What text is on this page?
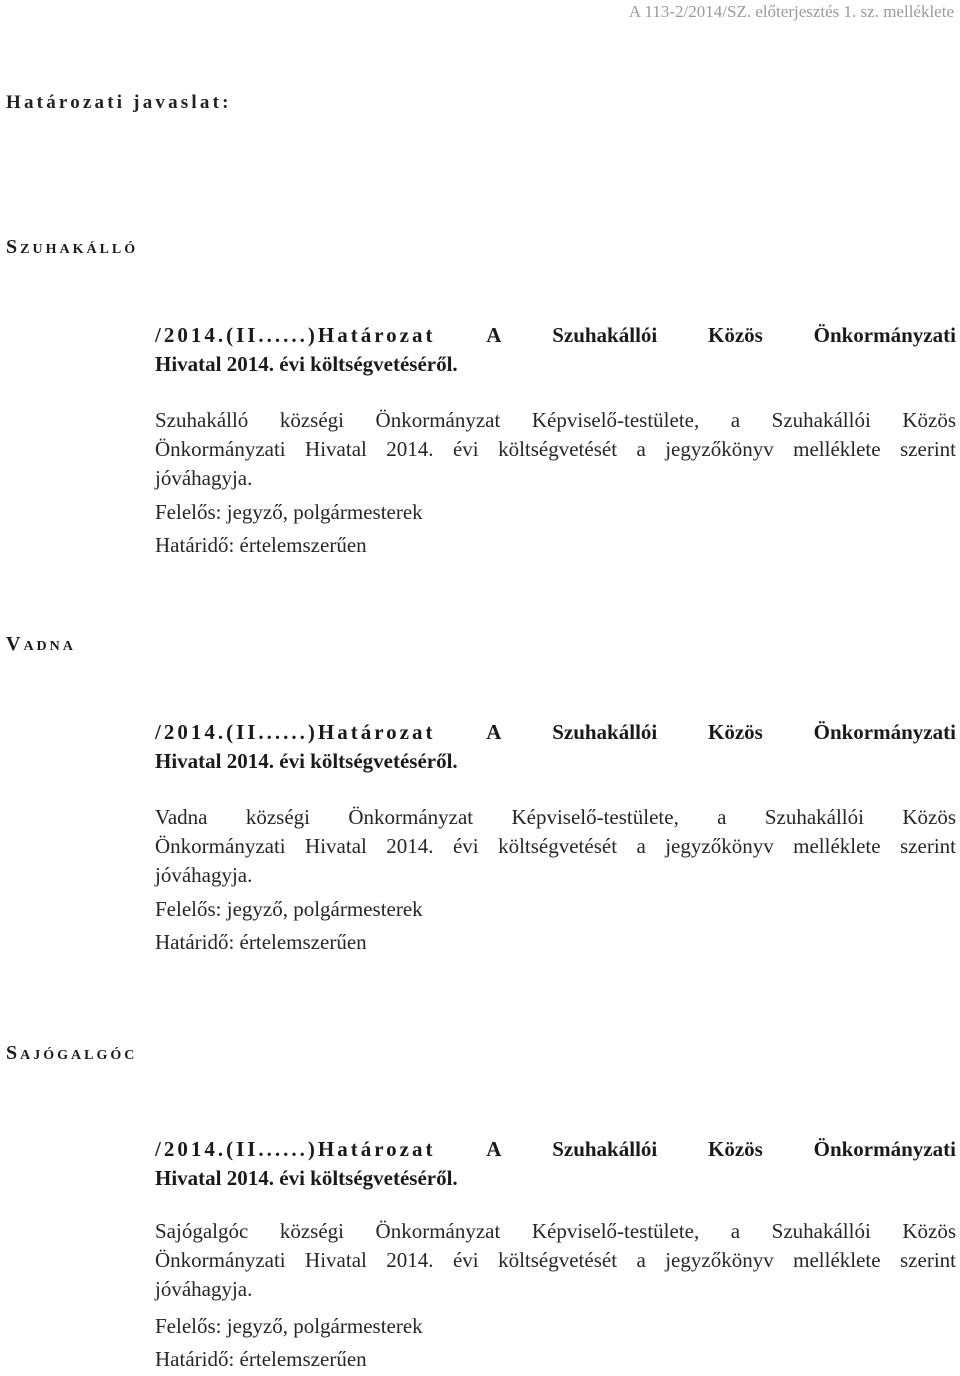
A 113-2/2014/SZ. előterjesztés 1. sz. melléklete
Határozati javaslat:
Szuhakálló
/2014.(II......)Határozat A Szuhakállói Közös Önkormányzati
Hivatal 2014. évi költségvetéséről.
Szuhakálló községi Önkormányzat Képviselő-testülete, a Szuhakállói Közös
Önkormányzati Hivatal 2014. évi költségvetését a jegyzőkönyv melléklete szerint
jóváhagyja.
Felelős: jegyző, polgármesterek
Határidő: értelemszerűen
Vadna
/2014.(II......)Határozat A Szuhakállói Közös Önkormányzati
Hivatal 2014. évi költségvetéséről.
Vadna községi Önkormányzat Képviselő-testülete, a Szuhakállói Közös
Önkormányzati Hivatal 2014. évi költségvetését a jegyzőkönyv melléklete szerint
jóváhagyja.
Felelős: jegyző, polgármesterek
Határidő: értelemszerűen
Sajógalgóc
/2014.(II......)Határozat A Szuhakállói Közös Önkormányzati
Hivatal 2014. évi költségvetéséről.
Sajógalgóc községi Önkormányzat Képviselő-testülete, a Szuhakállói Közös
Önkormányzati Hivatal 2014. évi költségvetését a jegyzőkönyv melléklete szerint
jóváhagyja.
Felelős: jegyző, polgármesterek
Határidő: értelemszerűen
